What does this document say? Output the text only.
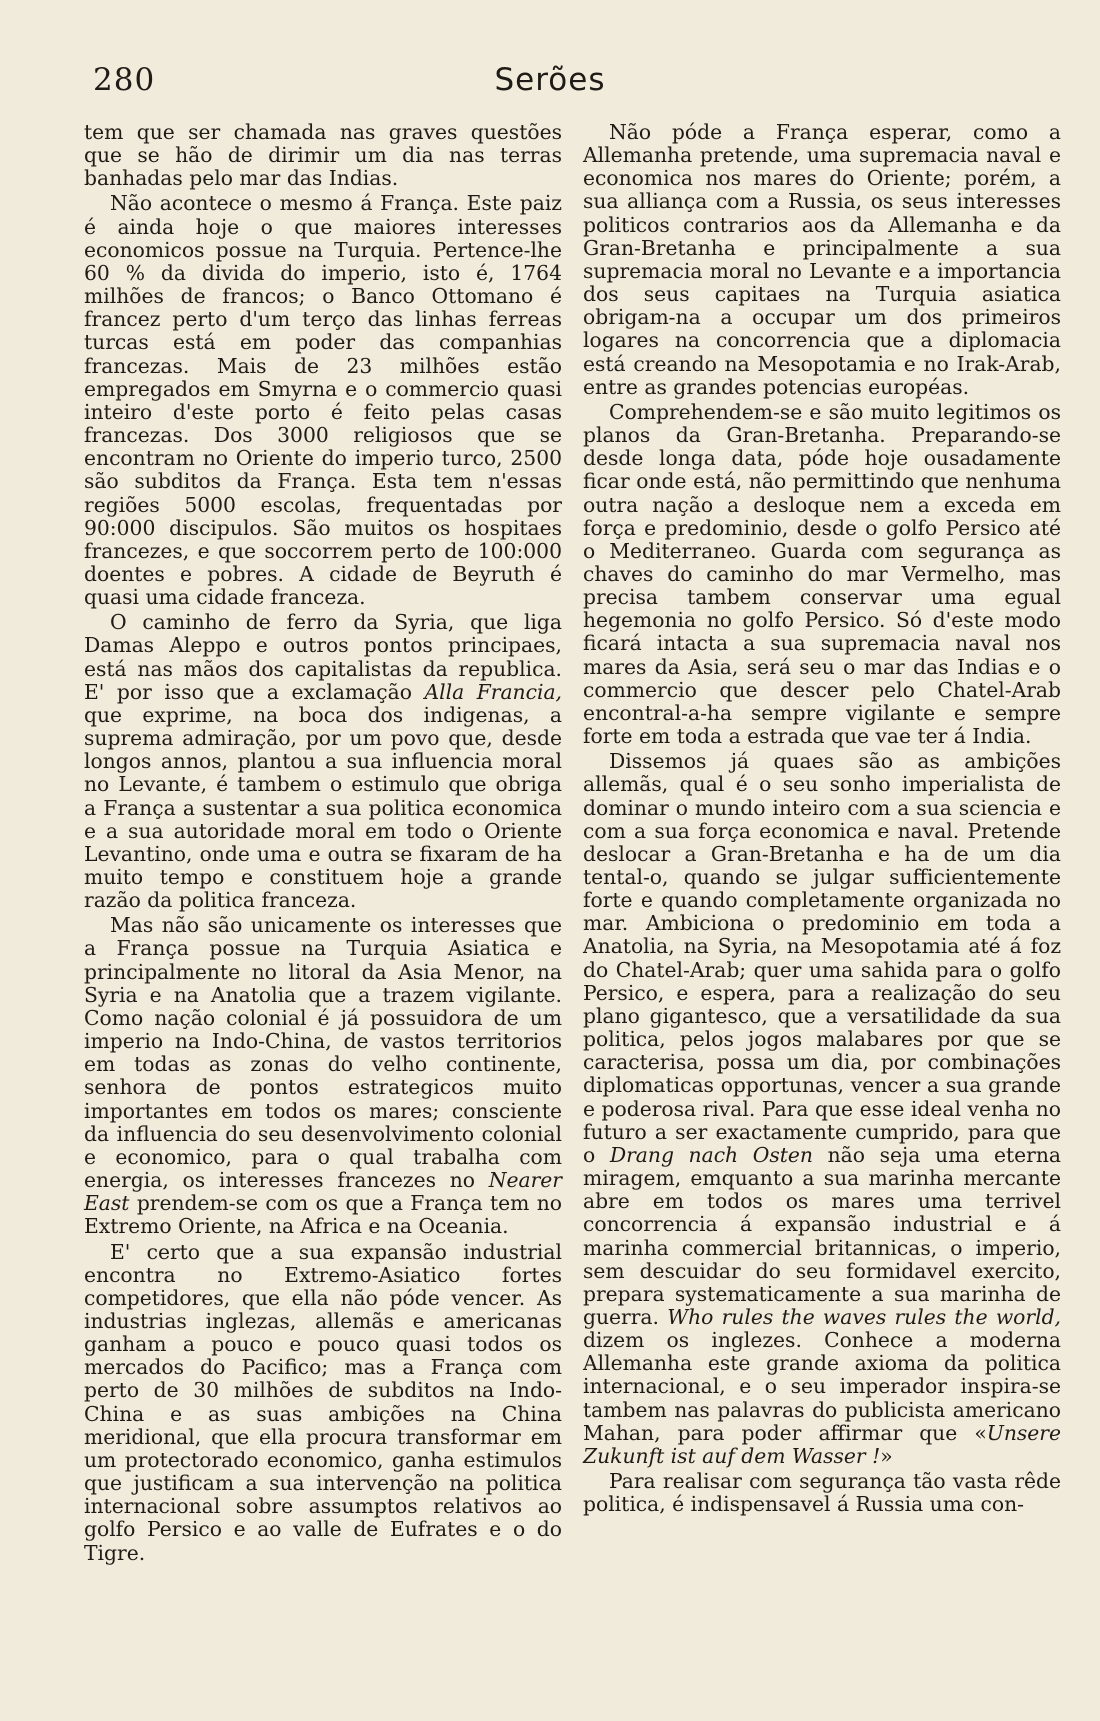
280	Serões

tem que ser chamada nas graves questões que se hão de dirimir um dia nas terras banhadas pelo mar das Indias.

Não acontece o mesmo á França. Este paiz é ainda hoje o que maiores interesses economicos possue na Turquia. Pertence-lhe 60 % da divida do imperio, isto é, 1764 milhões de francos; o Banco Ottomano é francez perto d'um terço das linhas ferreas turcas está em poder das companhias francezas. Mais de 23 milhões estão empregados em Smyrna e o commercio quasi inteiro d'este porto é feito pelas casas francezas. Dos 3000 religiosos que se encontram no Oriente do imperio turco, 2500 são subditos da França. Esta tem n'essas regiões 5000 escolas, frequentadas por 90:000 discipulos. São muitos os hospitaes francezes, e que soccorrem perto de 100:000 doentes e pobres. A cidade de Beyruth é quasi uma cidade franceza.

O caminho de ferro da Syria, que liga Damas Aleppo e outros pontos principaes, está nas mãos dos capitalistas da republica. E' por isso que a exclamação Alla Francia, que exprime, na boca dos indigenas, a suprema admiração, por um povo que, desde longos annos, plantou a sua influencia moral no Levante, é tambem o estimulo que obriga a França a sustentar a sua politica economica e a sua autoridade moral em todo o Oriente Levantino, onde uma e outra se fixaram de ha muito tempo e constituem hoje a grande razão da politica franceza.

Mas não são unicamente os interesses que a França possue na Turquia Asiatica e principalmente no litoral da Asia Menor, na Syria e na Anatolia que a trazem vigilante. Como nação colonial é já possuidora de um imperio na Indo-China, de vastos territorios em todas as zonas do velho continente, senhora de pontos estrategicos muito importantes em todos os mares; consciente da influencia do seu desenvolvimento colonial e economico, para o qual trabalha com energia, os interesses francezes no Nearer East prendem-se com os que a França tem no Extremo Oriente, na Africa e na Oceania.

E' certo que a sua expansão industrial encontra no Extremo-Asiatico fortes competidores, que ella não póde vencer. As industrias inglezas, allemãs e americanas ganham a pouco e pouco quasi todos os mercados do Pacifico; mas a França com perto de 30 milhões de subditos na Indo-China e as suas ambições na China meridional, que ella procura transformar em um protectorado economico, ganha estimulos que justificam a sua intervenção na politica internacional sobre assumptos relativos ao golfo Persico e ao valle de Eufrates e o do Tigre.

Não póde a França esperar, como a Allemanha pretende, uma supremacia naval e economica nos mares do Oriente; porém, a sua alliança com a Russia, os seus interesses politicos contrarios aos da Allemanha e da Gran-Bretanha e principalmente a sua supremacia moral no Levante e a importancia dos seus capitaes na Turquia asiatica obrigam-na a occupar um dos primeiros logares na concorrencia que a diplomacia está creando na Mesopotamia e no Irak-Arab, entre as grandes potencias européas.

Comprehendem-se e são muito legitimos os planos da Gran-Bretanha. Preparando-se desde longa data, póde hoje ousadamente ficar onde está, não permittindo que nenhuma outra nação a desloque nem a exceda em força e predominio, desde o golfo Persico até o Mediterraneo. Guarda com segurança as chaves do caminho do mar Vermelho, mas precisa tambem conservar uma egual hegemonia no golfo Persico. Só d'este modo ficará intacta a sua supremacia naval nos mares da Asia, será seu o mar das Indias e o commercio que descer pelo Chatel-Arab encontral-a-ha sempre vigilante e sempre forte em toda a estrada que vae ter á India.

Dissemos já quaes são as ambições allemãs, qual é o seu sonho imperialista de dominar o mundo inteiro com a sua sciencia e com a sua força economica e naval. Pretende deslocar a Gran-Bretanha e ha de um dia tental-o, quando se julgar sufficientemente forte e quando completamente organizada no mar. Ambiciona o predominio em toda a Anatolia, na Syria, na Mesopotamia até á foz do Chatel-Arab; quer uma sahida para o golfo Persico, e espera, para a realização do seu plano gigantesco, que a versatilidade da sua politica, pelos jogos malabares por que se caracterisa, possa um dia, por combinações diplomaticas opportunas, vencer a sua grande e poderosa rival. Para que esse ideal venha no futuro a ser exactamente cumprido, para que o Drang nach Osten não seja uma eterna miragem, emquanto a sua marinha mercante abre em todos os mares uma terrivel concorrencia á expansão industrial e á marinha commercial britannicas, o imperio, sem descuidar do seu formidavel exercito, prepara systematicamente a sua marinha de guerra. Who rules the waves rules the world, dizem os inglezes. Conhece a moderna Allemanha este grande axioma da politica internacional, e o seu imperador inspira-se tambem nas palavras do publicista americano Mahan, para poder affirmar que «Unsere Zukunft ist auf dem Wasser !»

Para realisar com segurança tão vasta rêde politica, é indispensavel á Russia uma con-
